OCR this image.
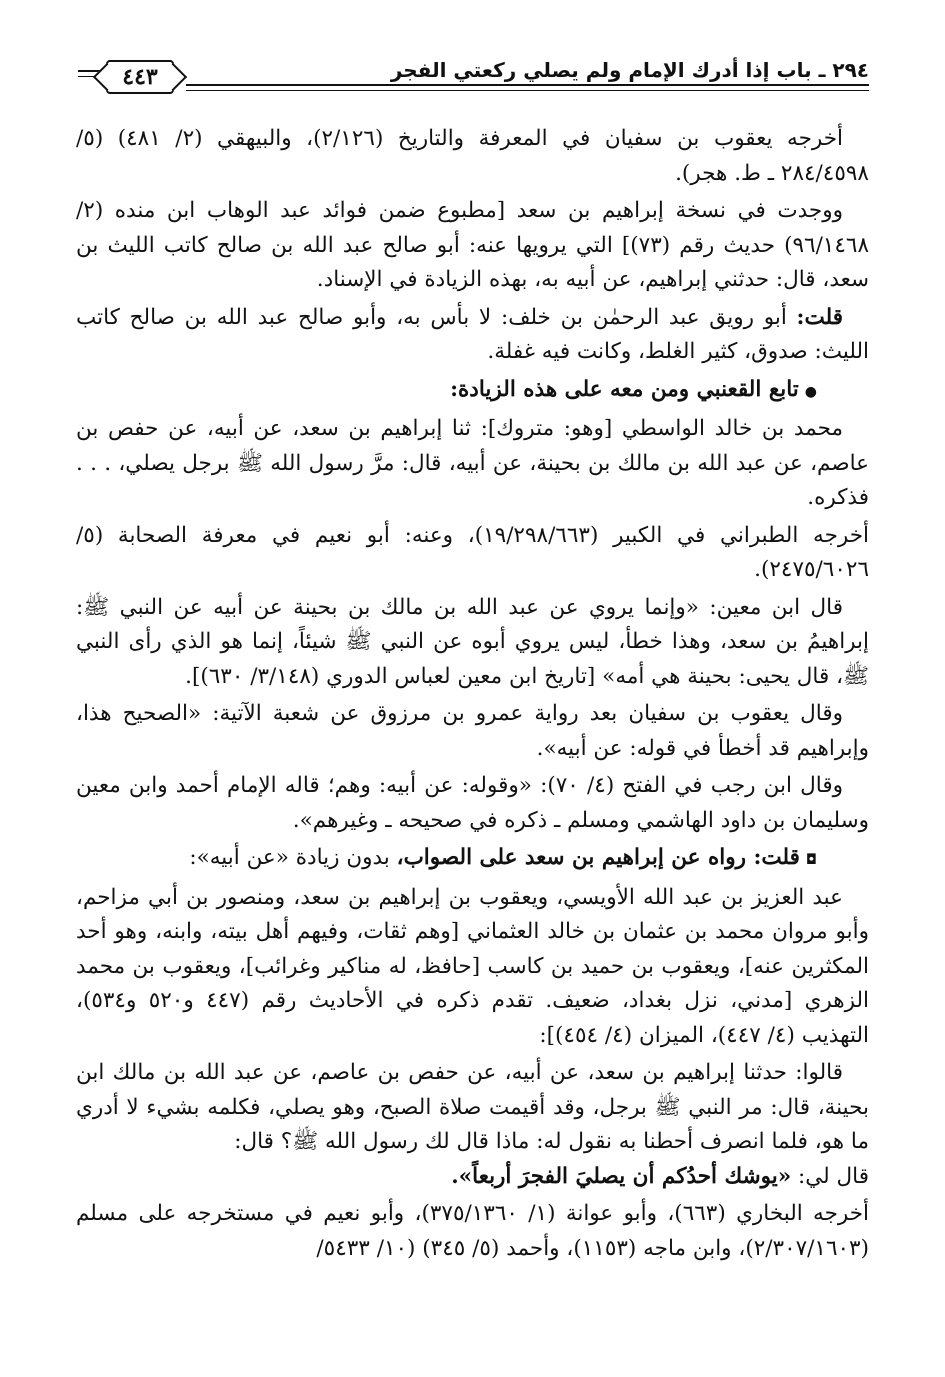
٤٤٣	٢٩٤ ـ باب إذا أدرك الإمام ولم يصلي ركعتي الفجر

أخرجه يعقوب بن سفيان في المعرفة والتاريخ (٢/١٢٦)، والبيهقي (٢/ ٤٨١) (٥/ ٢٨٤/٤٥٩٨ ـ ط. هجر).

ووجدت في نسخة إبراهيم بن سعد [مطبوع ضمن فوائد عبد الوهاب ابن منده (٢/ ٩٦/١٤٦٨) حديث رقم (٧٣)] التي يرويها عنه: أبو صالح عبد الله بن صالح كاتب الليث بن سعد، قال: حدثني إبراهيم، عن أبيه به، بهذه الزيادة في الإسناد.

قلت: أبو رويق عبد الرحمٰن بن خلف: لا بأس به، وأبو صالح عبد الله بن صالح كاتب الليث: صدوق، كثير الغلط، وكانت فيه غفلة.

●تابع القعنبي ومن معه على هذه الزيادة:

محمد بن خالد الواسطي [وهو: متروك]: ثنا إبراهيم بن سعد، عن أبيه، عن حفص بن عاصم، عن عبد الله بن مالك بن بحينة، عن أبيه، قال: مرَّ رسول الله ﷺ برجل يصلي، . . . فذكره.

أخرجه الطبراني في الكبير (١٩/٢٩٨/٦٦٣)، وعنه: أبو نعيم في معرفة الصحابة (٥/ ٢٤٧٥/٦٠٢٦).

قال ابن معين: «وإنما يروي عن عبد الله بن مالك بن بحينة عن أبيه عن النبي ﷺ: إبراهيمُ بن سعد، وهذا خطأ، ليس يروي أبوه عن النبي ﷺ شيئاً، إنما هو الذي رأى النبي ﷺ، قال يحيى: بحينة هي أمه» [تاريخ ابن معين لعباس الدوري (٣/١٤٨/ ٦٣٠)].

وقال يعقوب بن سفيان بعد رواية عمرو بن مرزوق عن شعبة الآتية: «الصحيح هذا، وإبراهيم قد أخطأ في قوله: عن أبيه».

وقال ابن رجب في الفتح (٤/ ٧٠): «وقوله: عن أبيه: وهم؛ قاله الإمام أحمد وابن معين وسليمان بن داود الهاشمي ومسلم ـ ذكره في صحيحه ـ وغيرهم».

◘قلت: رواه عن إبراهيم بن سعد على الصواب، بدون زيادة «عن أبيه»:

عبد العزيز بن عبد الله الأويسي، ويعقوب بن إبراهيم بن سعد، ومنصور بن أبي مزاحم، وأبو مروان محمد بن عثمان بن خالد العثماني [وهم ثقات، وفيهم أهل بيته، وابنه، وهو أحد المكثرين عنه]، ويعقوب بن حميد بن كاسب [حافظ، له مناكير وغرائب]، ويعقوب بن محمد الزهري [مدني، نزل بغداد، ضعيف. تقدم ذكره في الأحاديث رقم (٤٤٧ و٥٢٠ و٥٣٤)، التهذيب (٤/ ٤٤٧)، الميزان (٤/ ٤٥٤)]:

قالوا: حدثنا إبراهيم بن سعد، عن أبيه، عن حفص بن عاصم، عن عبد الله بن مالك ابن بحينة، قال: مر النبي ﷺ برجل، وقد أقيمت صلاة الصبح، وهو يصلي، فكلمه بشيء لا أدري ما هو، فلما انصرف أحطنا به نقول له: ماذا قال لك رسول الله ﷺ؟ قال:
قال لي: «يوشك أحدُكم أن يصليَ الفجرَ أربعاً».

أخرجه البخاري (٦٦٣)، وأبو عوانة (١/ ٣٧٥/١٣٦٠)، وأبو نعيم في مستخرجه على مسلم (٢/٣٠٧/١٦٠٣)، وابن ماجه (١١٥٣)، وأحمد (٥/ ٣٤٥) (١٠/ ٥٤٣٣/
